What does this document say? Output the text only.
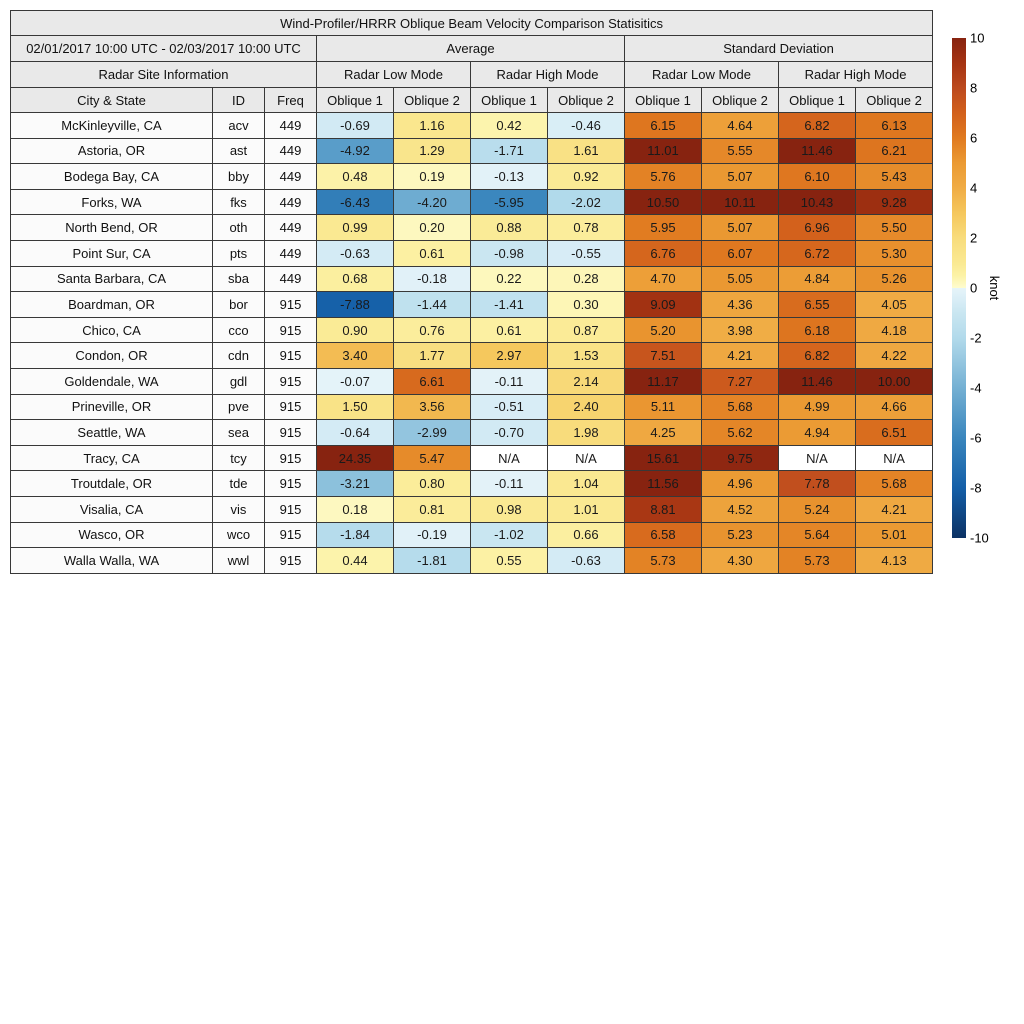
Wind-Profiler/HRRR Oblique Beam Velocity Comparison Statisitics										
02/01/2017 10:00 UTC - 02/03/2017 10:00 UTC			Average				Standard Deviation			
Radar Site Information			Radar Low Mode		Radar High Mode		Radar Low Mode		Radar High Mode	
City & State	ID	Freq	Oblique 1	Oblique 2	Oblique 1	Oblique 2	Oblique 1	Oblique 2	Oblique 1	Oblique 2
McKinleyville, CA	acv	449	-0.69	1.16	0.42	-0.46	6.15	4.64	6.82	6.13
Astoria, OR	ast	449	-4.92	1.29	-1.71	1.61	11.01	5.55	11.46	6.21
Bodega Bay, CA	bby	449	0.48	0.19	-0.13	0.92	5.76	5.07	6.10	5.43
Forks, WA	fks	449	-6.43	-4.20	-5.95	-2.02	10.50	10.11	10.43	9.28
North Bend, OR	oth	449	0.99	0.20	0.88	0.78	5.95	5.07	6.96	5.50
Point Sur, CA	pts	449	-0.63	0.61	-0.98	-0.55	6.76	6.07	6.72	5.30
Santa Barbara, CA	sba	449	0.68	-0.18	0.22	0.28	4.70	5.05	4.84	5.26
Boardman, OR	bor	915	-7.88	-1.44	-1.41	0.30	9.09	4.36	6.55	4.05
Chico, CA	cco	915	0.90	0.76	0.61	0.87	5.20	3.98	6.18	4.18
Condon, OR	cdn	915	3.40	1.77	2.97	1.53	7.51	4.21	6.82	4.22
Goldendale, WA	gdl	915	-0.07	6.61	-0.11	2.14	11.17	7.27	11.46	10.00
Prineville, OR	pve	915	1.50	3.56	-0.51	2.40	5.11	5.68	4.99	4.66
Seattle, WA	sea	915	-0.64	-2.99	-0.70	1.98	4.25	5.62	4.94	6.51
Tracy, CA	tcy	915	24.35	5.47	N/A	N/A	15.61	9.75	N/A	N/A
Troutdale, OR	tde	915	-3.21	0.80	-0.11	1.04	11.56	4.96	7.78	5.68
Visalia, CA	vis	915	0.18	0.81	0.98	1.01	8.81	4.52	5.24	4.21
Wasco, OR	wco	915	-1.84	-0.19	-1.02	0.66	6.58	5.23	5.64	5.01
Walla Walla, WA	wwl	915	0.44	-1.81	0.55	-0.63	5.73	4.30	5.73	4.13
knot
10
8
6
4
2
0
-2
-4
-6
-8
-10
